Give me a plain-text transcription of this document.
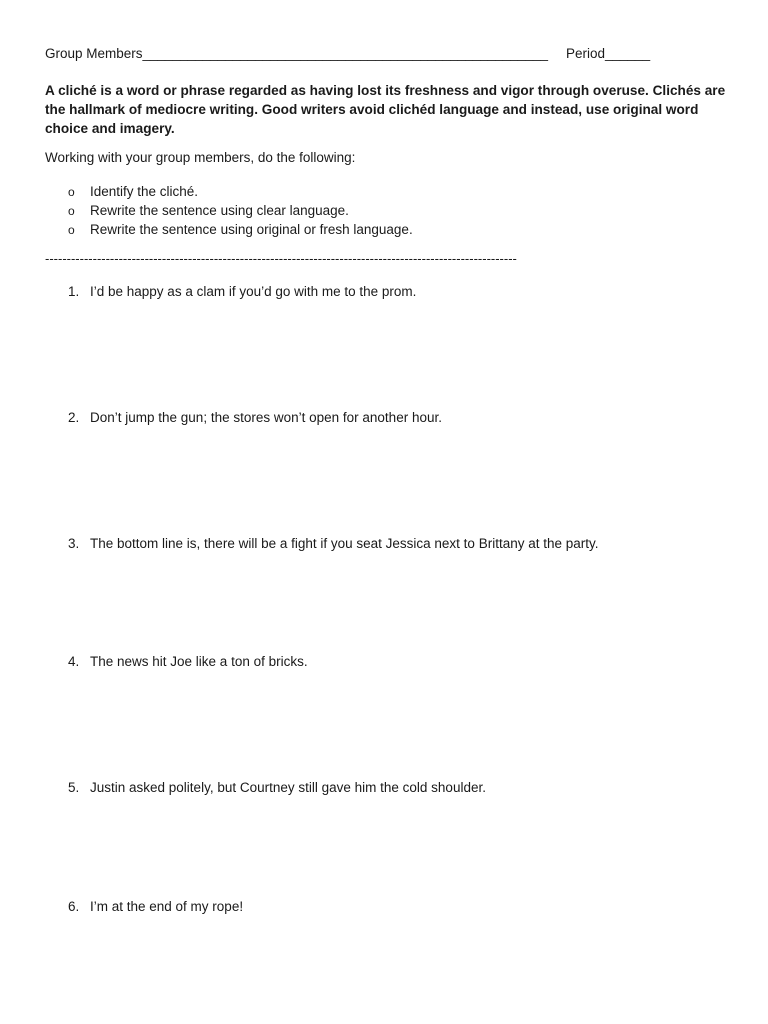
Group Members______________________________________________________ Period______
A cliché is a word or phrase regarded as having lost its freshness and vigor through overuse. Clichés are the hallmark of mediocre writing. Good writers avoid clichéd language and instead, use original word choice and imagery.
Working with your group members, do the following:
o Identify the cliché.
o Rewrite the sentence using clear language.
o Rewrite the sentence using original or fresh language.
-------------------------------------------------------------------------------------------------------------
1. I’d be happy as a clam if you’d go with me to the prom.
2. Don’t jump the gun; the stores won’t open for another hour.
3. The bottom line is, there will be a fight if you seat Jessica next to Brittany at the party.
4. The news hit Joe like a ton of bricks.
5. Justin asked politely, but Courtney still gave him the cold shoulder.
6. I’m at the end of my rope!
